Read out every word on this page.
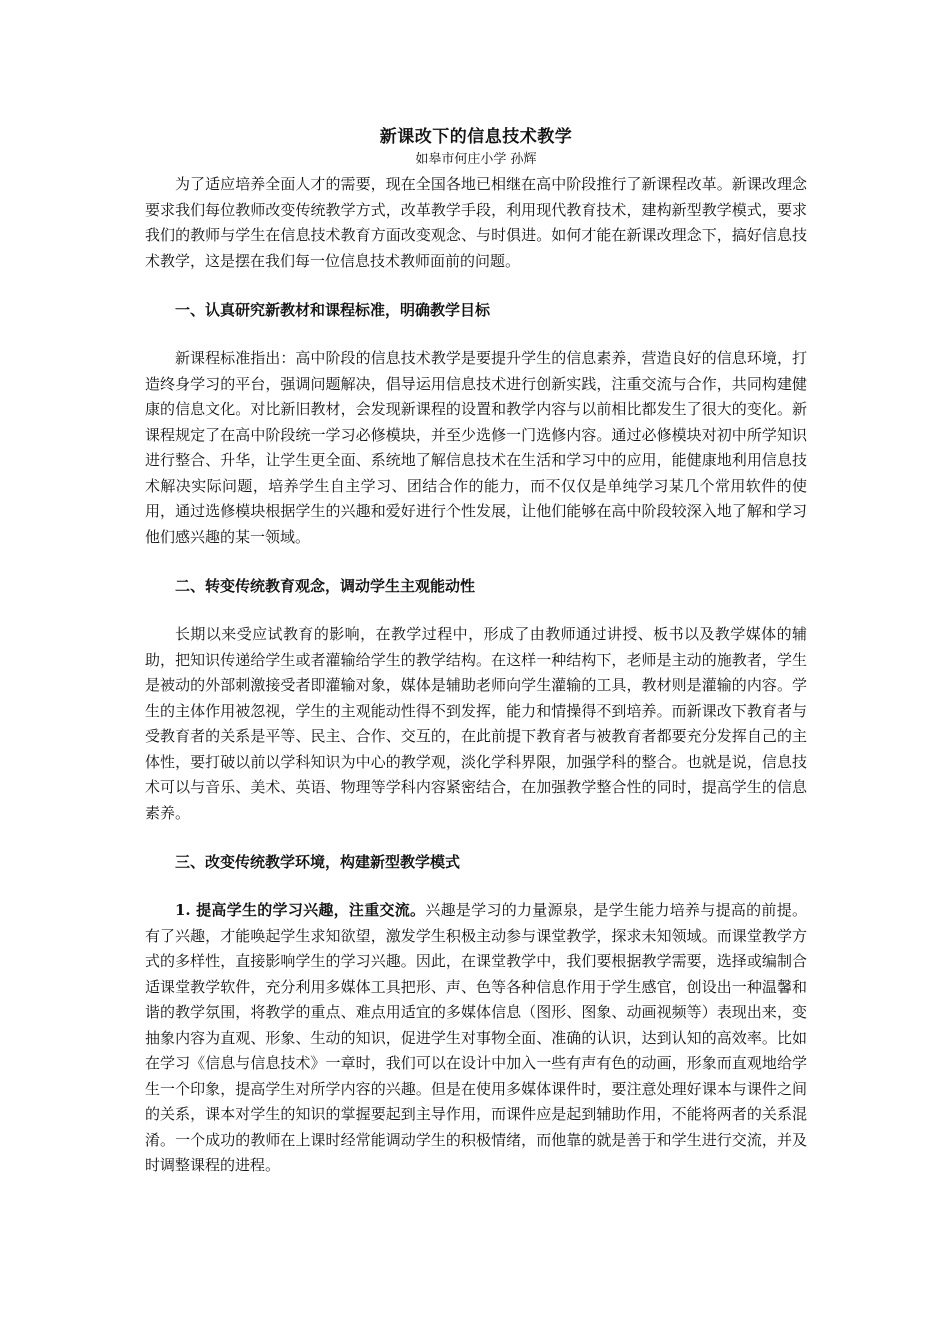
新课改下的信息技术教学

如皋市何庄小学 孙辉

为了适应培养全面人才的需要，现在全国各地已相继在高中阶段推行了新课程改革。新课改理念要求我们每位教师改变传统教学方式，改革教学手段，利用现代教育技术，建构新型教学模式，要求我们的教师与学生在信息技术教育方面改变观念、与时俱进。如何才能在新课改理念下，搞好信息技术教学，这是摆在我们每一位信息技术教师面前的问题。

一、认真研究新教材和课程标准，明确教学目标

新课程标准指出：高中阶段的信息技术教学是要提升学生的信息素养，营造良好的信息环境，打造终身学习的平台，强调问题解决，倡导运用信息技术进行创新实践，注重交流与合作，共同构建健康的信息文化。对比新旧教材，会发现新课程的设置和教学内容与以前相比都发生了很大的变化。新课程规定了在高中阶段统一学习必修模块，并至少选修一门选修内容。通过必修模块对初中所学知识进行整合、升华，让学生更全面、系统地了解信息技术在生活和学习中的应用，能健康地利用信息技术解决实际问题，培养学生自主学习、团结合作的能力，而不仅仅是单纯学习某几个常用软件的使用，通过选修模块根据学生的兴趣和爱好进行个性发展，让他们能够在高中阶段较深入地了解和学习他们感兴趣的某一领域。

二、转变传统教育观念，调动学生主观能动性

长期以来受应试教育的影响，在教学过程中，形成了由教师通过讲授、板书以及教学媒体的辅助，把知识传递给学生或者灌输给学生的教学结构。在这样一种结构下，老师是主动的施教者，学生是被动的外部刺激接受者即灌输对象，媒体是辅助老师向学生灌输的工具，教材则是灌输的内容。学生的主体作用被忽视，学生的主观能动性得不到发挥，能力和情操得不到培养。而新课改下教育者与受教育者的关系是平等、民主、合作、交互的，在此前提下教育者与被教育者都要充分发挥自己的主体性，要打破以前以学科知识为中心的教学观，淡化学科界限，加强学科的整合。也就是说，信息技术可以与音乐、美术、英语、物理等学科内容紧密结合，在加强教学整合性的同时，提高学生的信息素养。

三、改变传统教学环境，构建新型教学模式

1. 提高学生的学习兴趣，注重交流。兴趣是学习的力量源泉，是学生能力培养与提高的前提。有了兴趣，才能唤起学生求知欲望，激发学生积极主动参与课堂教学，探求未知领域。而课堂教学方式的多样性，直接影响学生的学习兴趣。因此，在课堂教学中，我们要根据教学需要，选择或编制合适课堂教学软件，充分利用多媒体工具把形、声、色等各种信息作用于学生感官，创设出一种温馨和谐的教学氛围，将教学的重点、难点用适宜的多媒体信息（图形、图象、动画视频等）表现出来，变抽象内容为直观、形象、生动的知识，促进学生对事物全面、准确的认识，达到认知的高效率。比如在学习《信息与信息技术》一章时，我们可以在设计中加入一些有声有色的动画，形象而直观地给学生一个印象，提高学生对所学内容的兴趣。但是在使用多媒体课件时，要注意处理好课本与课件之间的关系，课本对学生的知识的掌握要起到主导作用，而课件应是起到辅助作用，不能将两者的关系混淆。一个成功的教师在上课时经常能调动学生的积极情绪，而他靠的就是善于和学生进行交流，并及时调整课程的进程。
